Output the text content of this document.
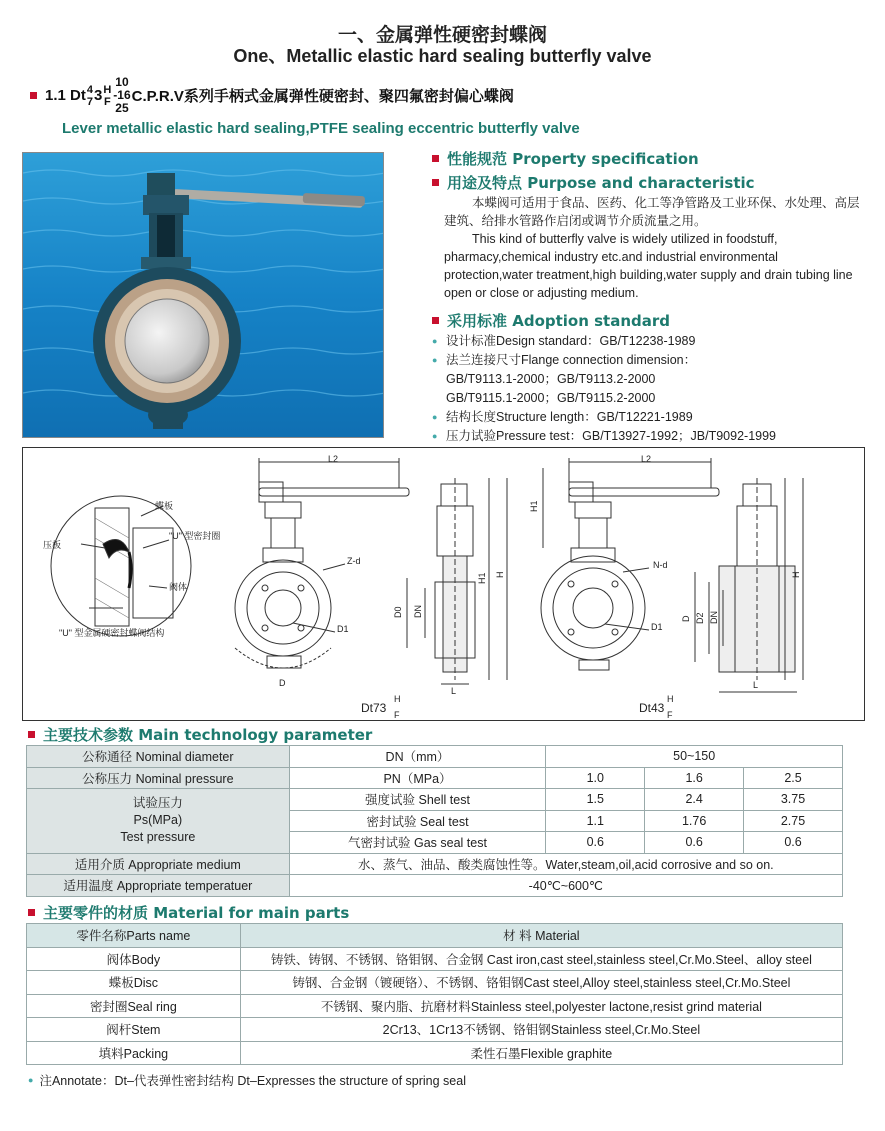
一、金属弹性硬密封蝶阀
One、Metallic elastic hard sealing butterfly valve
1.1 Dt 4
7 3 H
F
10
-16
25
C.P.R.V系列手柄式金属弹性硬密封、聚四氟密封偏心蝶阀
Lever metallic elastic hard sealing,PTFE sealing eccentric butterfly valve
性能规范 Property specification
用途及特点 Purpose and characteristic
本蝶阀可适用于食品、医药、化工等净管路及工业环保、水处理、高层建筑、给排水管路作启闭或调节介质流量之用。
This kind of butterfly valve is widely utilized in foodstuff, pharmacy,chemical industry etc.and industrial environmental protection,water treatment,high building,water supply and drain tubing line open or close or adjusting medium.
采用标准 Adoption standard
● 设计标准Design standard：GB/T12238-1989
● 法兰连接尺寸Flange connection dimension：
GB/T9113.1-2000；GB/T9113.2-2000
GB/T9115.1-2000；GB/T9115.2-2000
● 结构长度Structure length：GB/T12221-1989
● 压力试验Pressure test：GB/T13927-1992；JB/T9092-1999
蝶板
"U" 型密封圈
压板
阀体
"U" 型金属硬密封蝶阀结构
L2
Z-d
D1
D
D0 DN
H1 H
L
Dt73
H
F
L2
N-d
D1
H1
D D2 DN
H
L
Dt43
H
F
主要技术参数 Main technology parameter
公称通径 Nominal diameter	DN（mm）	50~150		
公称压力 Nominal pressure	PN（MPa）	1.0	1.6	2.5

试验压力
Ps(MPa)
Test pressure	强度试验 Shell test	1.5	2.4	3.75
	密封试验 Seal test	1.1	1.76	2.75
	气密封试验 Gas seal test	0.6	0.6	0.6
适用介质 Appropriate medium	水、蒸气、油品、酸类腐蚀性等。Water,steam,oil,acid corrosive and so on.			
适用温度 Appropriate temperatuer	-40℃~600℃			
主要零件的材质 Material for main parts
零件名称Parts name	材 料 Material
阀体Body	铸铁、铸钢、不锈钢、铬钼钢、合金钢 Cast iron,cast steel,stainless steel,Cr.Mo.Steel、alloy steel
蝶板Disc	铸钢、合金钢（镀硬铬）、不锈钢、铬钼钢Cast steel,Alloy steel,stainless steel,Cr.Mo.Steel
密封圈Seal ring	不锈钢、聚内脂、抗磨材料Stainless steel,polyester lactone,resist grind material
阀杆Stem	2Cr13、1Cr13不锈钢、铬钼钢Stainless steel,Cr.Mo.Steel
填料Packing	柔性石墨Flexible graphite
● 注Annotate：Dt–代表弹性密封结构 Dt–Expresses the structure of spring seal
